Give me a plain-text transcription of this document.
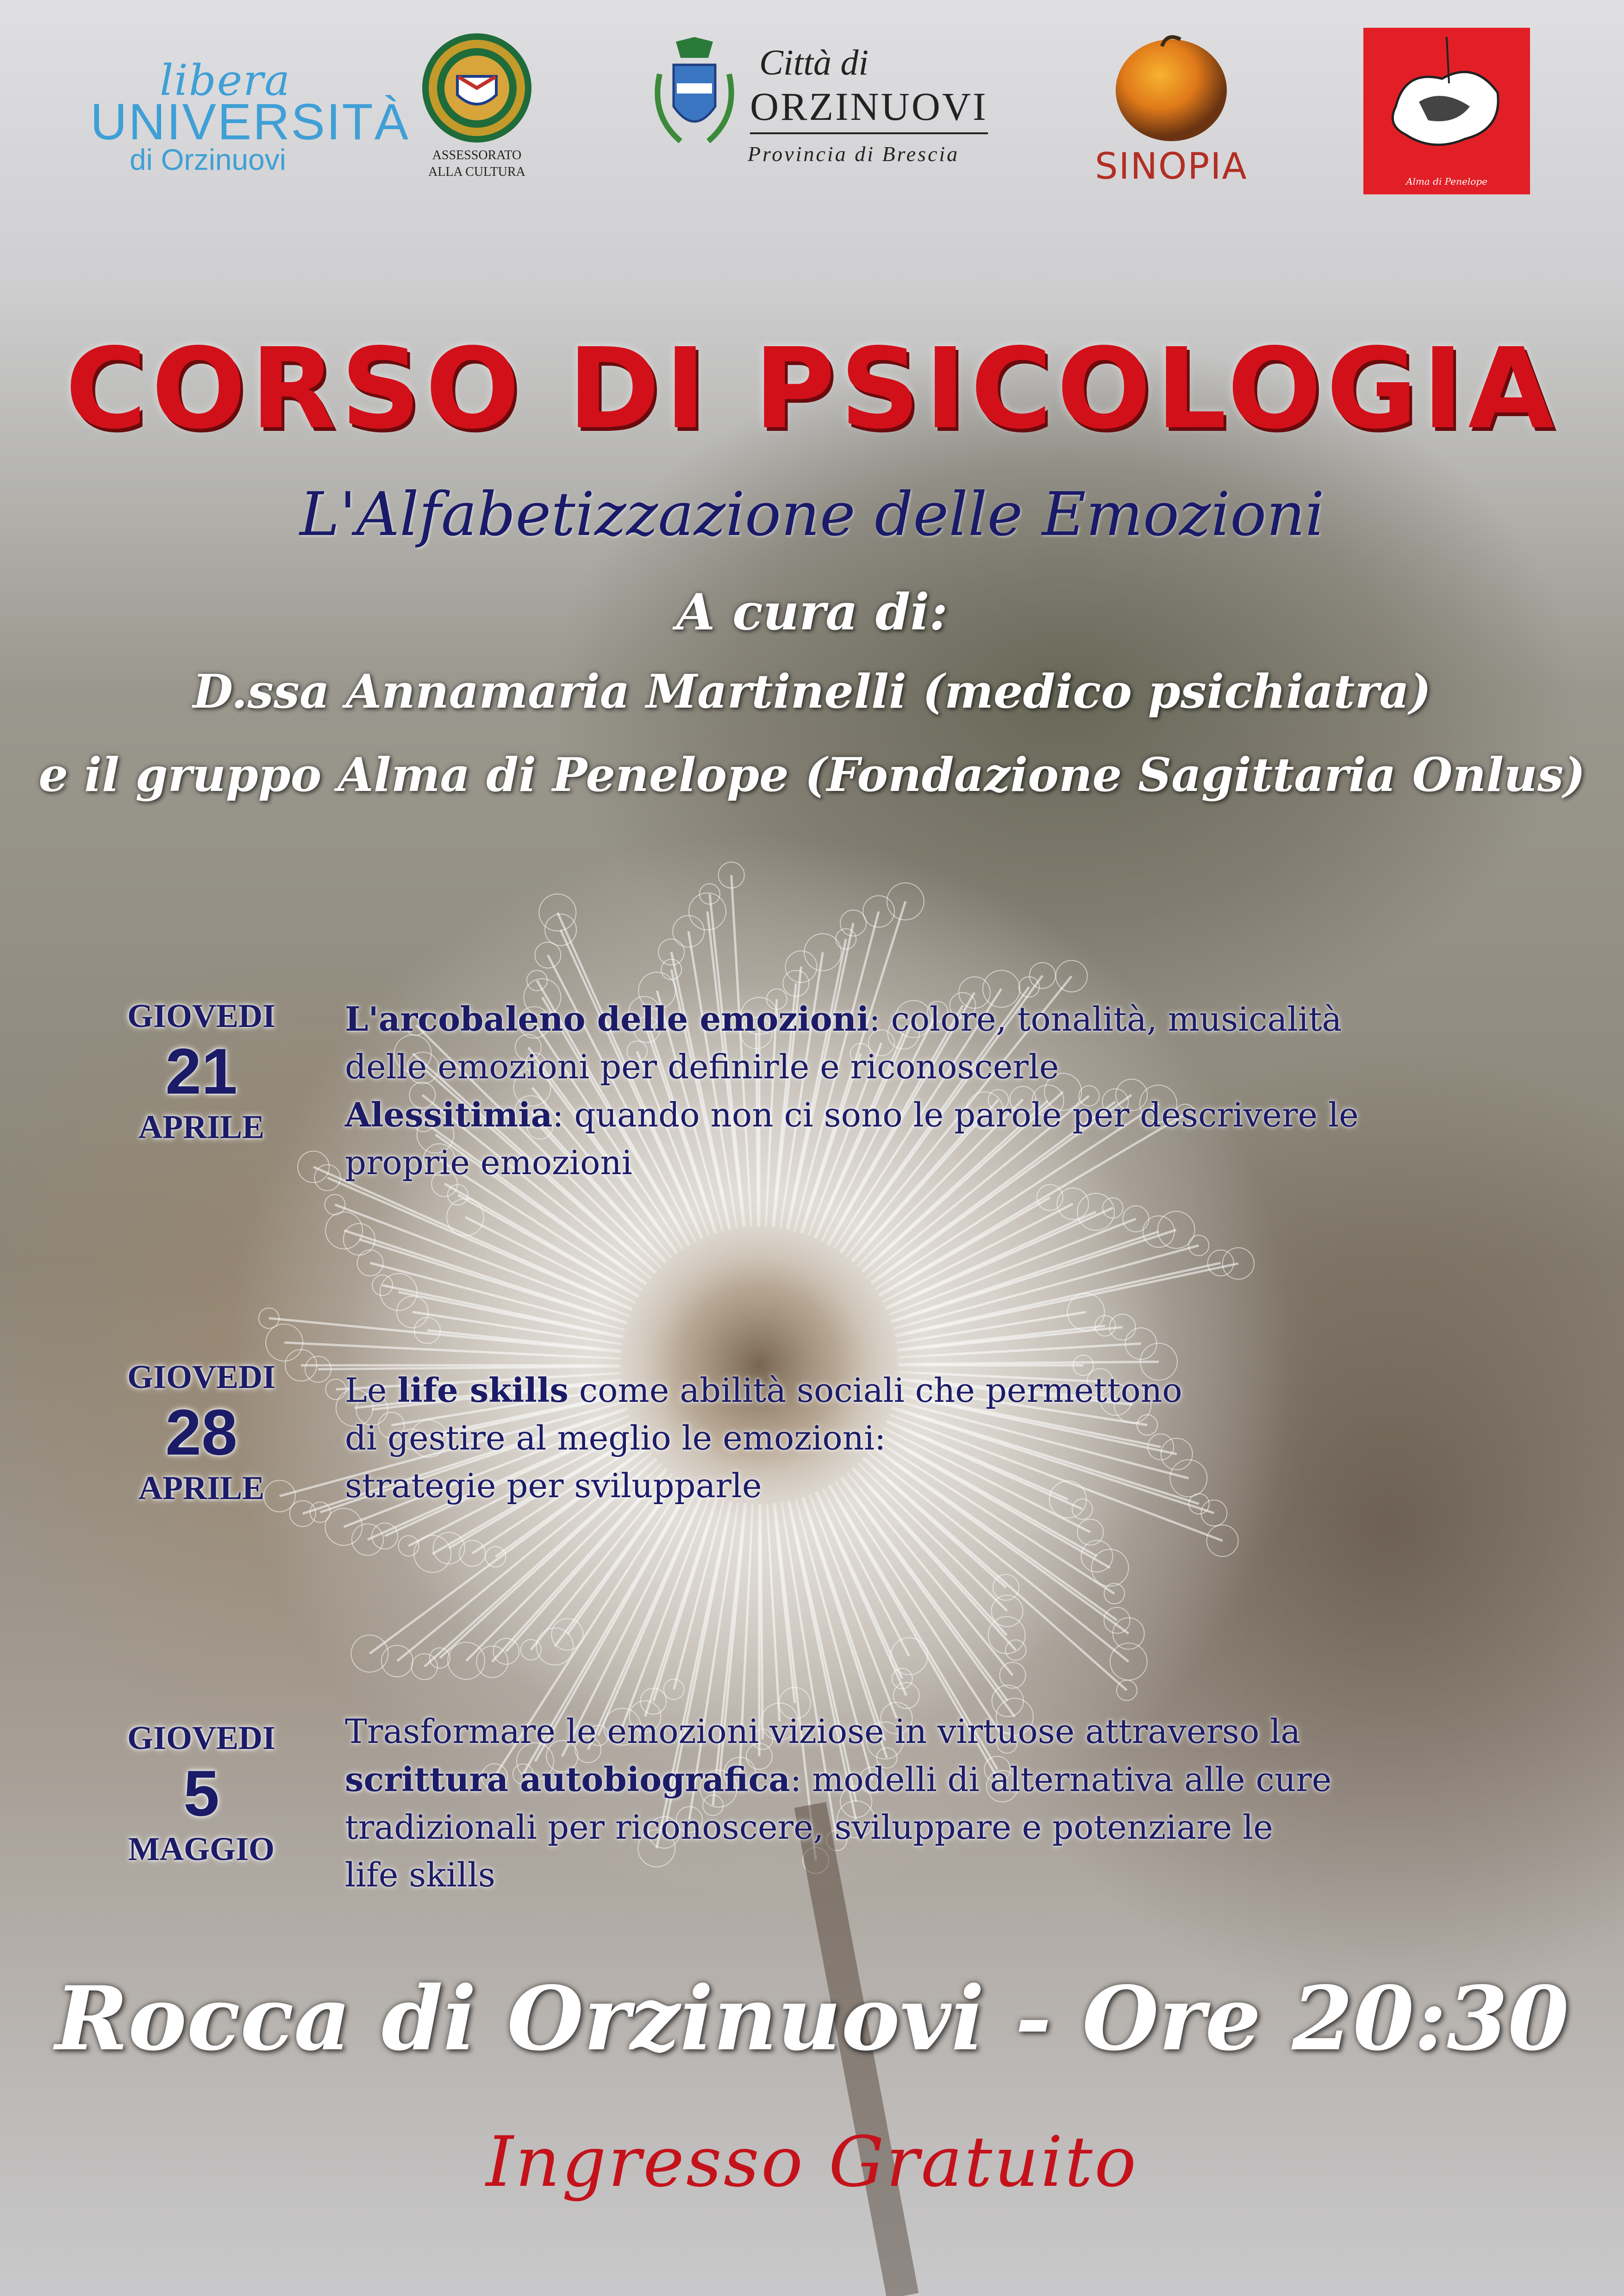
libera
UNIVERSITÀ
di Orzinuovi	ASSESSORATO
ALLA CULTURA
Città di
ORZINUOVI
Provincia di Brescia	SINOPIA	Alma di Penelope
CORSO DI PSICOLOGIA
L'Alfabetizzazione delle Emozioni
A cura di:
D.ssa Annamaria Martinelli (medico psichiatra)
e il gruppo Alma di Penelope (Fondazione Sagittaria Onlus)
GIOVEDI
21
APRILE
L'arcobaleno delle emozioni: colore, tonalità, musicalità
delle emozioni per definirle e riconoscerle
Alessitimia: quando non ci sono le parole per descrivere le
proprie emozioni
GIOVEDI
28
APRILE
Le life skills come abilità sociali che permettono
di gestire al meglio le emozioni:
strategie per svilupparle
GIOVEDI
5
MAGGIO
Trasformare le emozioni viziose in virtuose attraverso la
scrittura autobiografica: modelli di alternativa alle cure
tradizionali per riconoscere, sviluppare e potenziare le
life skills
Rocca di Orzinuovi - Ore 20:30
Ingresso Gratuito
